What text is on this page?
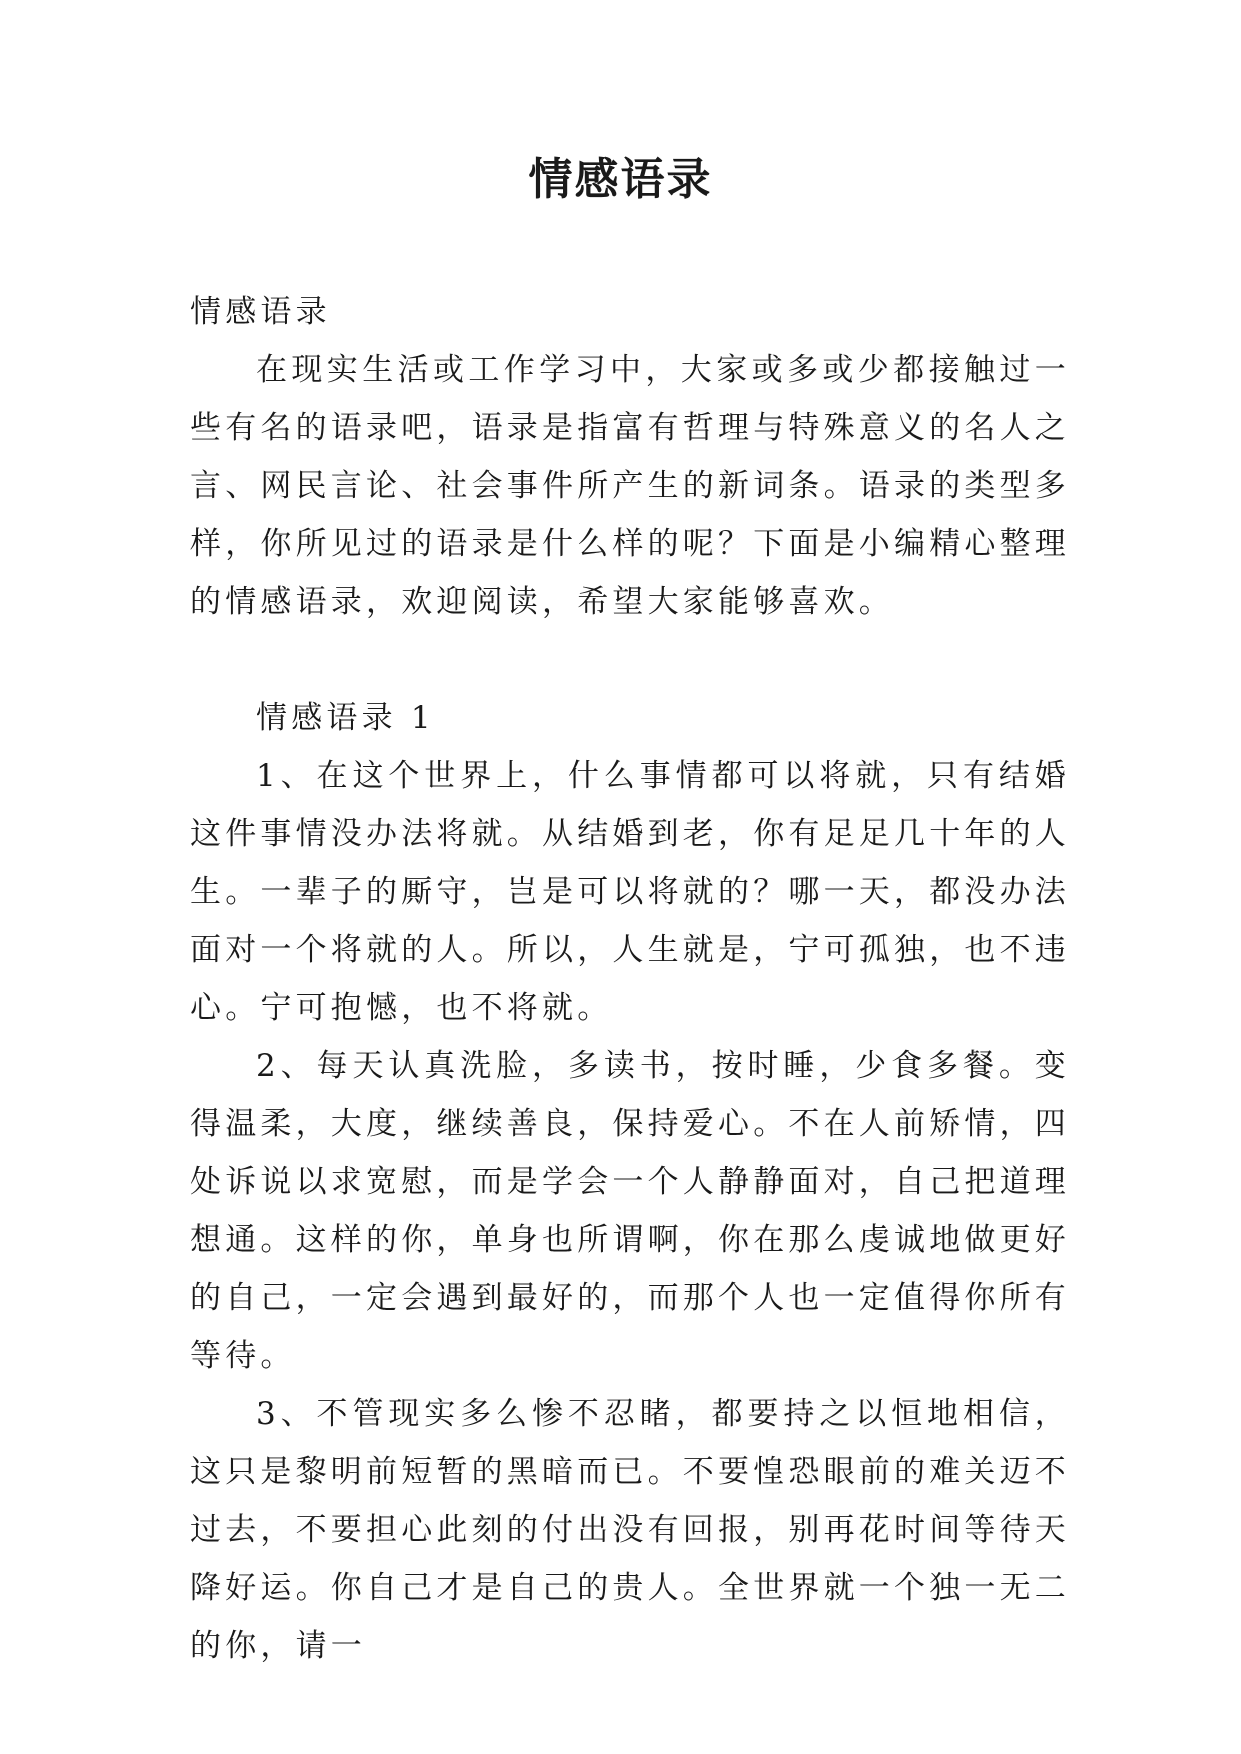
情感语录

情感语录

在现实生活或工作学习中，大家或多或少都接触过一些有名的语录吧，语录是指富有哲理与特殊意义的名人之言、网民言论、社会事件所产生的新词条。语录的类型多样，你所见过的语录是什么样的呢？下面是小编精心整理的情感语录，欢迎阅读，希望大家能够喜欢。

情感语录 1

1、在这个世界上，什么事情都可以将就，只有结婚这件事情没办法将就。从结婚到老，你有足足几十年的人生。一辈子的厮守，岂是可以将就的？哪一天，都没办法面对一个将就的人。所以，人生就是，宁可孤独，也不违心。宁可抱憾，也不将就。

2、每天认真洗脸，多读书，按时睡，少食多餐。变得温柔，大度，继续善良，保持爱心。不在人前矫情，四处诉说以求宽慰，而是学会一个人静静面对，自己把道理想通。这样的你，单身也所谓啊，你在那么虔诚地做更好的自己，一定会遇到最好的，而那个人也一定值得你所有等待。

3、不管现实多么惨不忍睹，都要持之以恒地相信，这只是黎明前短暂的黑暗而已。不要惶恐眼前的难关迈不过去，不要担心此刻的付出没有回报，别再花时间等待天降好运。你自己才是自己的贵人。全世界就一个独一无二的你，请一
